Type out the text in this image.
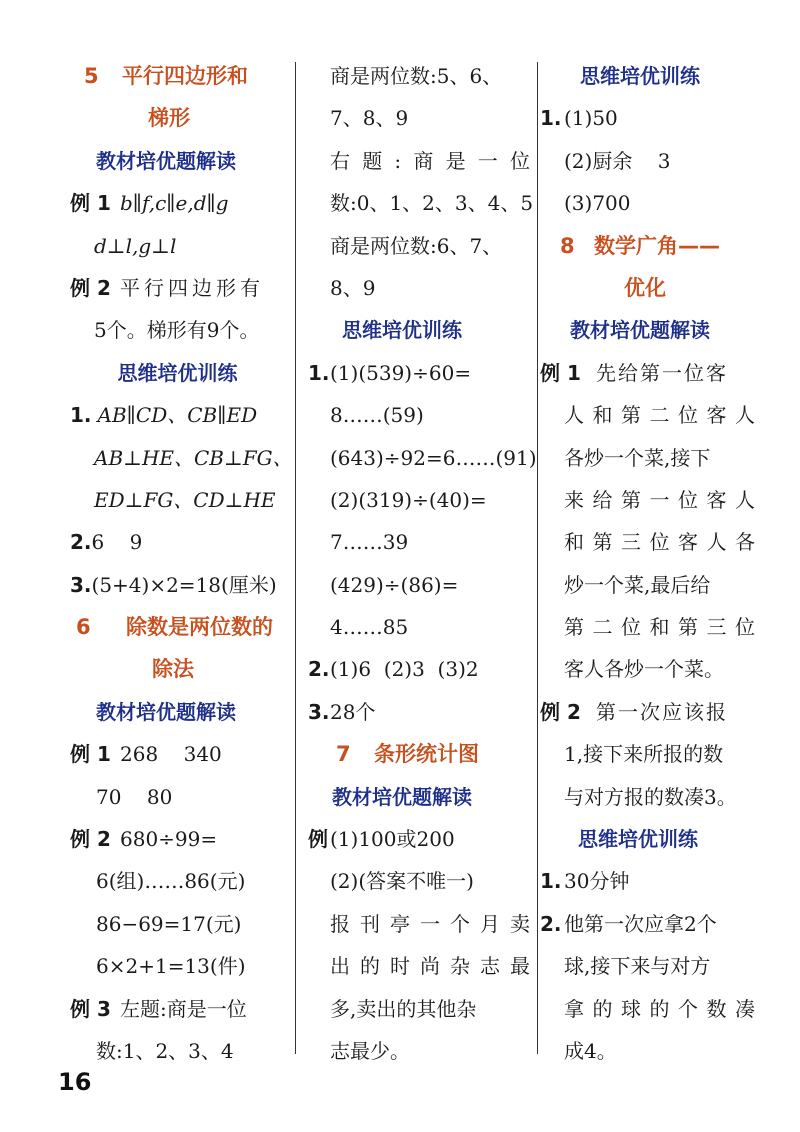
5 平行四边形和
梯形
教材培优题解读
例 1 b∥f,c∥e,d∥g
d⊥l,g⊥l
例 2 平行四边形有
5个。梯形有9个。
思维培优训练
1. AB∥CD、CB∥ED
AB⊥HE、CB⊥FG、
ED⊥FG、CD⊥HE
2.6    9
3.(5+4)×2=18(厘米)
6 除数是两位数的
除法
教材培优题解读
例 1 268    340
70    80
例 2 680÷99=
6(组)……86(元)
86−69=17(元)
6×2+1=13(件)
例 3 左题:商是一位
数:1、2、3、4
商是两位数:5、6、
7、8、9
右题:商是一位
数:0、1、2、3、4、5
商是两位数:6、7、
8、9
思维培优训练
1.(1)(539)÷60=
8……(59)
(643)÷92=6……(91)
(2)(319)÷(40)=
7……39
(429)÷(86)=
4……85
2.(1)6  (2)3  (3)2
3.28个
7 条形统计图
教材培优题解读
例 (1)100或200
(2)(答案不唯一)
报刊亭一个月卖
出的时尚杂志最
多,卖出的其他杂
志最少。
思维培优训练
1. (1)50
(2)厨余    3
(3)700
8 数学广角——
优化
教材培优题解读
例 1 先给第一位客
人和第二位客人
各炒一个菜,接下
来给第一位客人
和第三位客人各
炒一个菜,最后给
第二位和第三位
客人各炒一个菜。
例 2 第一次应该报
1,接下来所报的数
与对方报的数凑3。
思维培优训练
1. 30分钟
2. 他第一次应拿2个
球,接下来与对方
拿的球的个数凑
成4。
16
